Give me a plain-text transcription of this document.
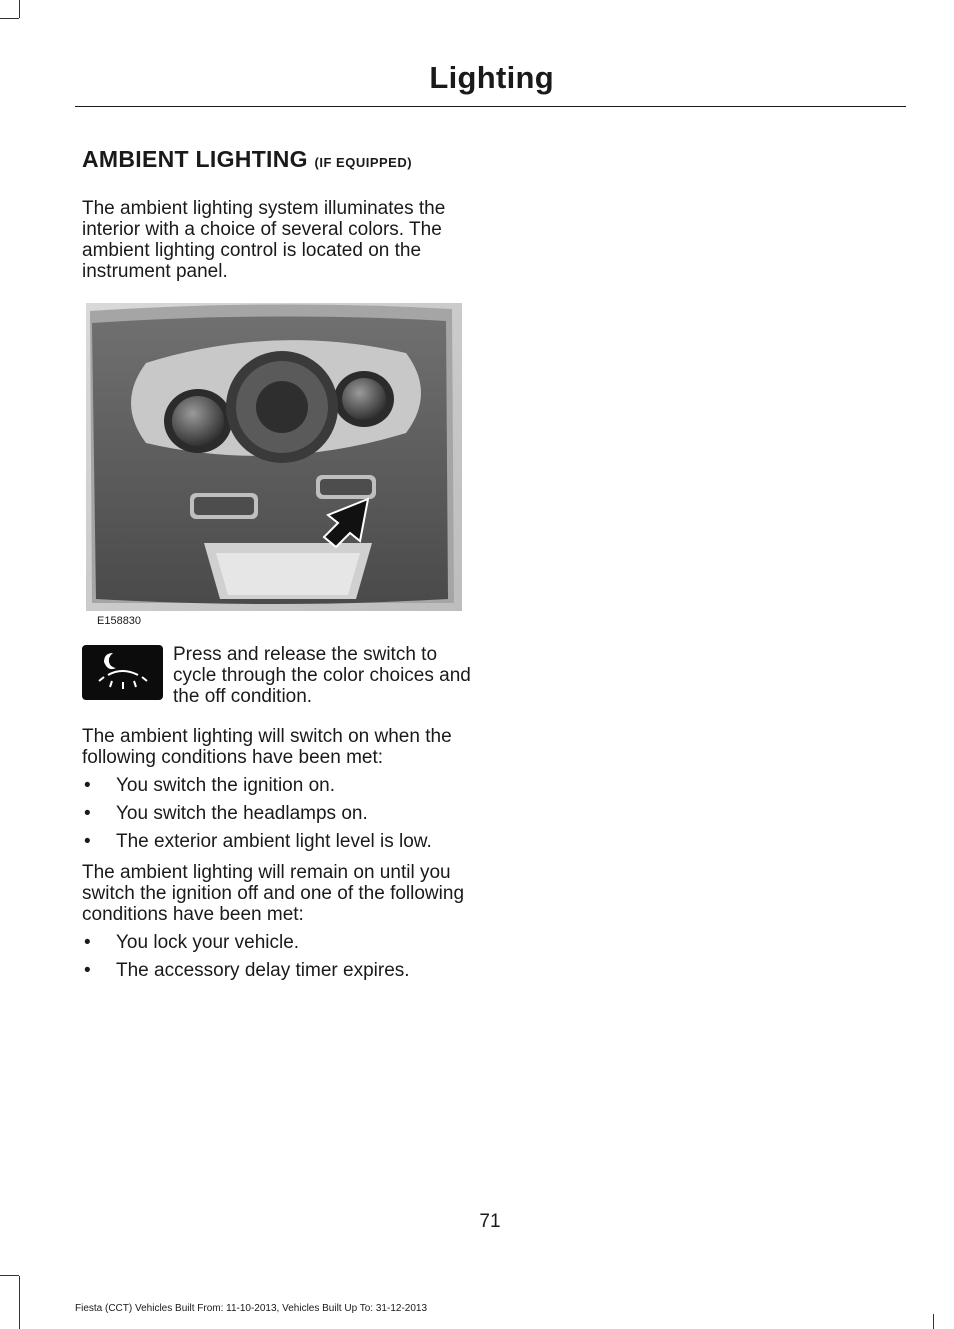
Lighting
AMBIENT LIGHTING (IF EQUIPPED)

The ambient lighting system illuminates the interior with a choice of several colors. The ambient lighting control is located on the instrument panel.

E158830

Press and release the switch to cycle through the color choices and the off condition.

The ambient lighting will switch on when the following conditions have been met:

• You switch the ignition on.
• You switch the headlamps on.
• The exterior ambient light level is low.

The ambient lighting will remain on until you switch the ignition off and one of the following conditions have been met:

• You lock your vehicle.
• The accessory delay timer expires.
71
Fiesta (CCT) Vehicles Built From: 11-10-2013, Vehicles Built Up To: 31-12-2013
